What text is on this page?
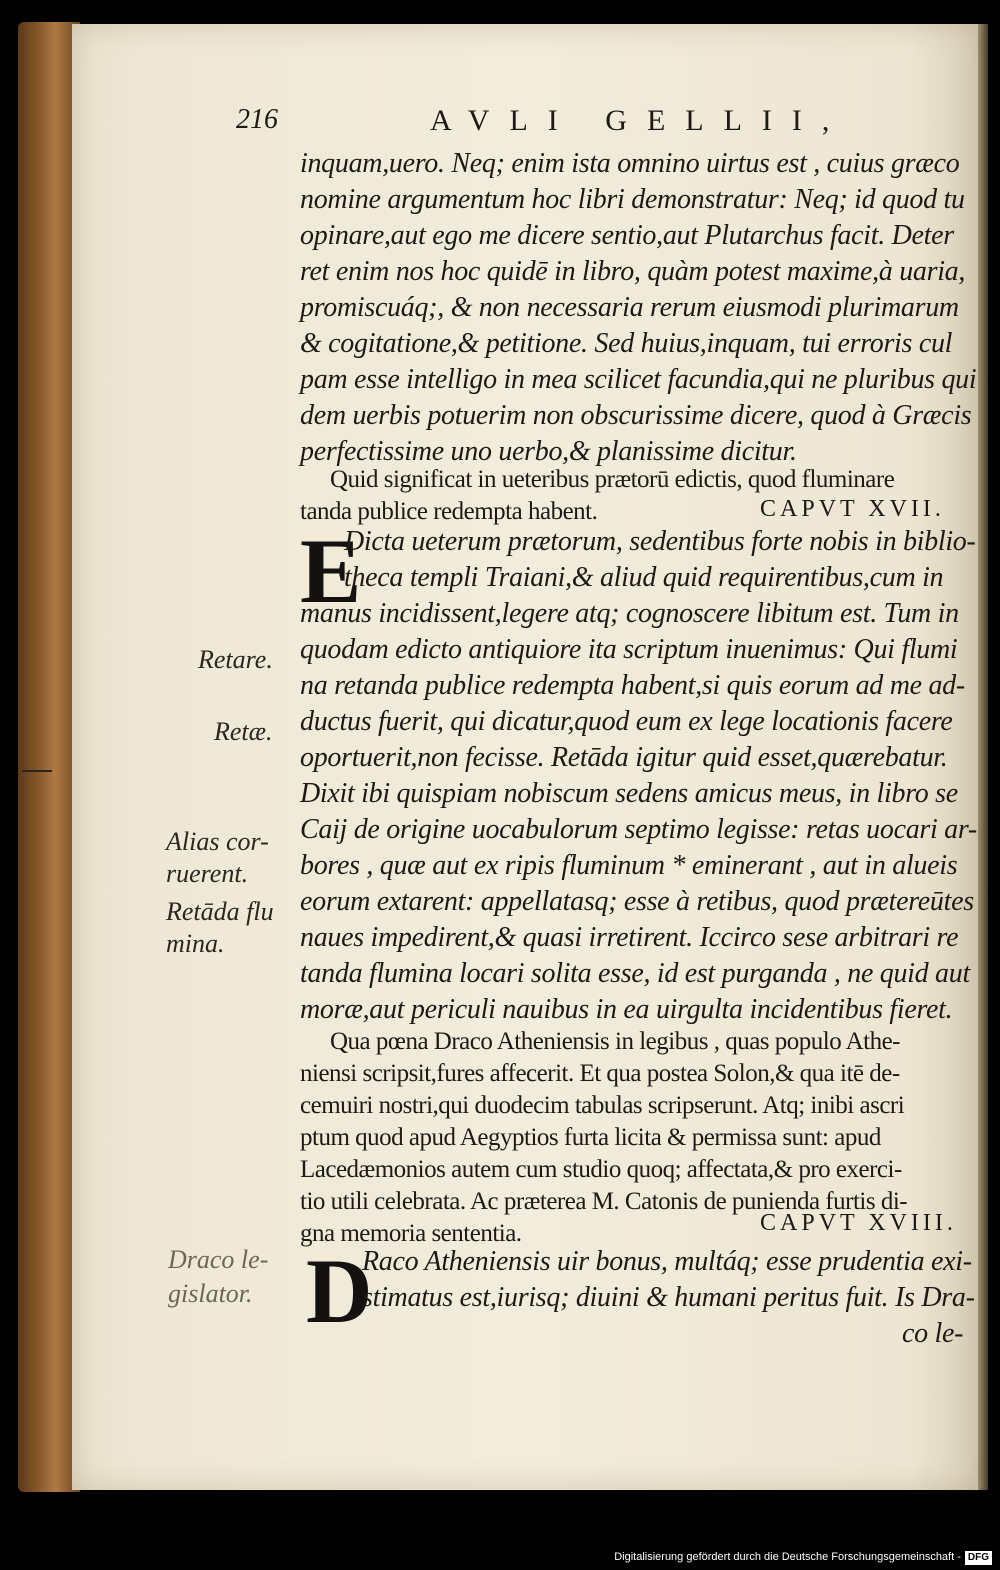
216	AVLI GELLII,
inquam,uero. Neq; enim ista omnino uirtus est , cuius græco
nomine argumentum hoc libri demonstratur: Neq; id quod tu
opinare,aut ego me dicere sentio,aut Plutarchus facit. Deter
ret enim nos hoc quidē in libro, quàm potest maxime,à uaria,
promiscuáq;, & non necessaria rerum eiusmodi plurimarum
& cogitatione,& petitione. Sed huius,inquam, tui erroris cul
pam esse intelligo in mea scilicet facundia,qui ne pluribus qui
dem uerbis potuerim non obscurissime dicere, quod à Græcis
perfectissime uno uerbo,& planissime dicitur.
Quid significat in ueteribus prætorū edictis, quod fluminare
tanda publice redempta habent.	CAPVT XVII.
E
Dicta ueterum prætorum, sedentibus forte nobis in biblio-
theca templi Traiani,& aliud quid requirentibus,cum in
manus incidissent,legere atq; cognoscere libitum est. Tum in
quodam edicto antiquiore ita scriptum inuenimus: Qui flumi
na retanda publice redempta habent,si quis eorum ad me ad-
ductus fuerit, qui dicatur,quod eum ex lege locationis facere
oportuerit,non fecisse. Retāda igitur quid esset,quærebatur.
Dixit ibi quispiam nobiscum sedens amicus meus, in libro se
Caij de origine uocabulorum septimo legisse: retas uocari ar-
bores , quæ aut ex ripis fluminum * eminerant , aut in alueis
eorum extarent: appellatasq; esse à retibus, quod prætereūtes
naues impedirent,& quasi irretirent. Iccirco sese arbitrari re
tanda flumina locari solita esse, id est purganda , ne quid aut
moræ,aut periculi nauibus in ea uirgulta incidentibus fieret.
Qua pœna Draco Atheniensis in legibus , quas populo Athe-
niensi scripsit,fures affecerit. Et qua postea Solon,& qua itē de-
cemuiri nostri,qui duodecim tabulas scripserunt. Atq; inibi ascri
ptum quod apud Aegyptios furta licita & permissa sunt: apud
Lacedæmonios autem cum studio quoq; affectata,& pro exerci-
tio utili celebrata. Ac præterea M. Catonis de punienda furtis di-
gna memoria sententia.	CAPVT XVIII.
D
Raco Atheniensis uir bonus, multáq; esse prudentia exi-
stimatus est,iurisq; diuini & humani peritus fuit. Is Dra-
co le-
Retare.
Retæ.
Alias cor-
ruerent.
Retāda flu
mina.
Draco le-
gislator.
Digitalisierung gefördert durch die Deutsche Forschungsgemeinschaft - DFG
